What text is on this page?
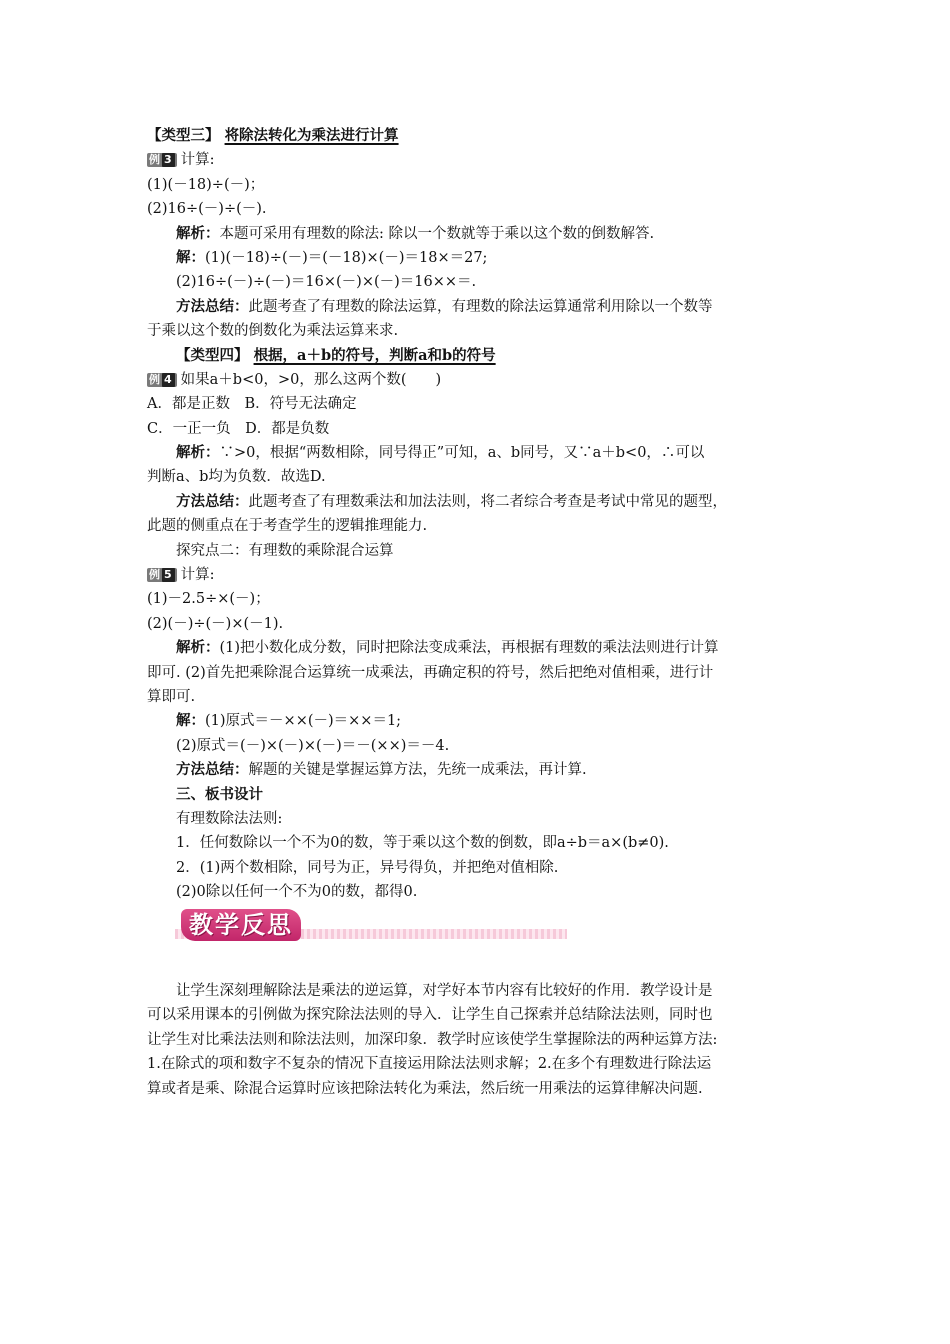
【类型三】 将除法转化为乘法进行计算
例 3 计算:
(1)(－18)÷(－)；
(2)16÷(－)÷(－).
解析：本题可采用有理数的除法: 除以一个数就等于乘以这个数的倒数解答.
解：(1)(－18)÷(－)＝(－18)×(－)＝18×＝27;
(2)16÷(－)÷(－)＝16×(－)×(－)＝16××＝.
方法总结：此题考查了有理数的除法运算，有理数的除法运算通常利用除以一个数等
于乘以这个数的倒数化为乘法运算来求.
【类型四】 根据，a＋b的符号，判断a和b的符号
例 4 如果a＋b<0，>0，那么这两个数(　　)
A．都是正数　B．符号无法确定
C．一正一负　D．都是负数
解析：∵>0，根据“两数相除，同号得正”可知，a、b同号，又∵a＋b<0，∴可以
判断a、b均为负数．故选D.
方法总结：此题考查了有理数乘法和加法法则，将二者综合考查是考试中常见的题型，
此题的侧重点在于考查学生的逻辑推理能力.
探究点二：有理数的乘除混合运算
例 5 计算:
(1)－2.5÷×(－)；
(2)(－)÷(－)×(－1).
解析：(1)把小数化成分数，同时把除法变成乘法，再根据有理数的乘法法则进行计算
即可. (2)首先把乘除混合运算统一成乘法，再确定积的符号，然后把绝对值相乘，进行计
算即可.
解：(1)原式＝－××(－)＝××＝1;
(2)原式＝(－)×(－)×(－)＝－(××)＝－4.
方法总结：解题的关键是掌握运算方法，先统一成乘法，再计算.
三、板书设计
有理数除法法则:
1．任何数除以一个不为0的数，等于乘以这个数的倒数，即a÷b＝a×(b≠0).
2．(1)两个数相除，同号为正，异号得负，并把绝对值相除.
(2)0除以任何一个不为0的数，都得0.
教学反思
让学生深刻理解除法是乘法的逆运算，对学好本节内容有比较好的作用．教学设计是
可以采用课本的引例做为探究除法法则的导入．让学生自己探索并总结除法法则，同时也
让学生对比乘法法则和除法法则，加深印象．教学时应该使学生掌握除法的两种运算方法:
1.在除式的项和数字不复杂的情况下直接运用除法法则求解；2.在多个有理数进行除法运
算或者是乘、除混合运算时应该把除法转化为乘法，然后统一用乘法的运算律解决问题.
